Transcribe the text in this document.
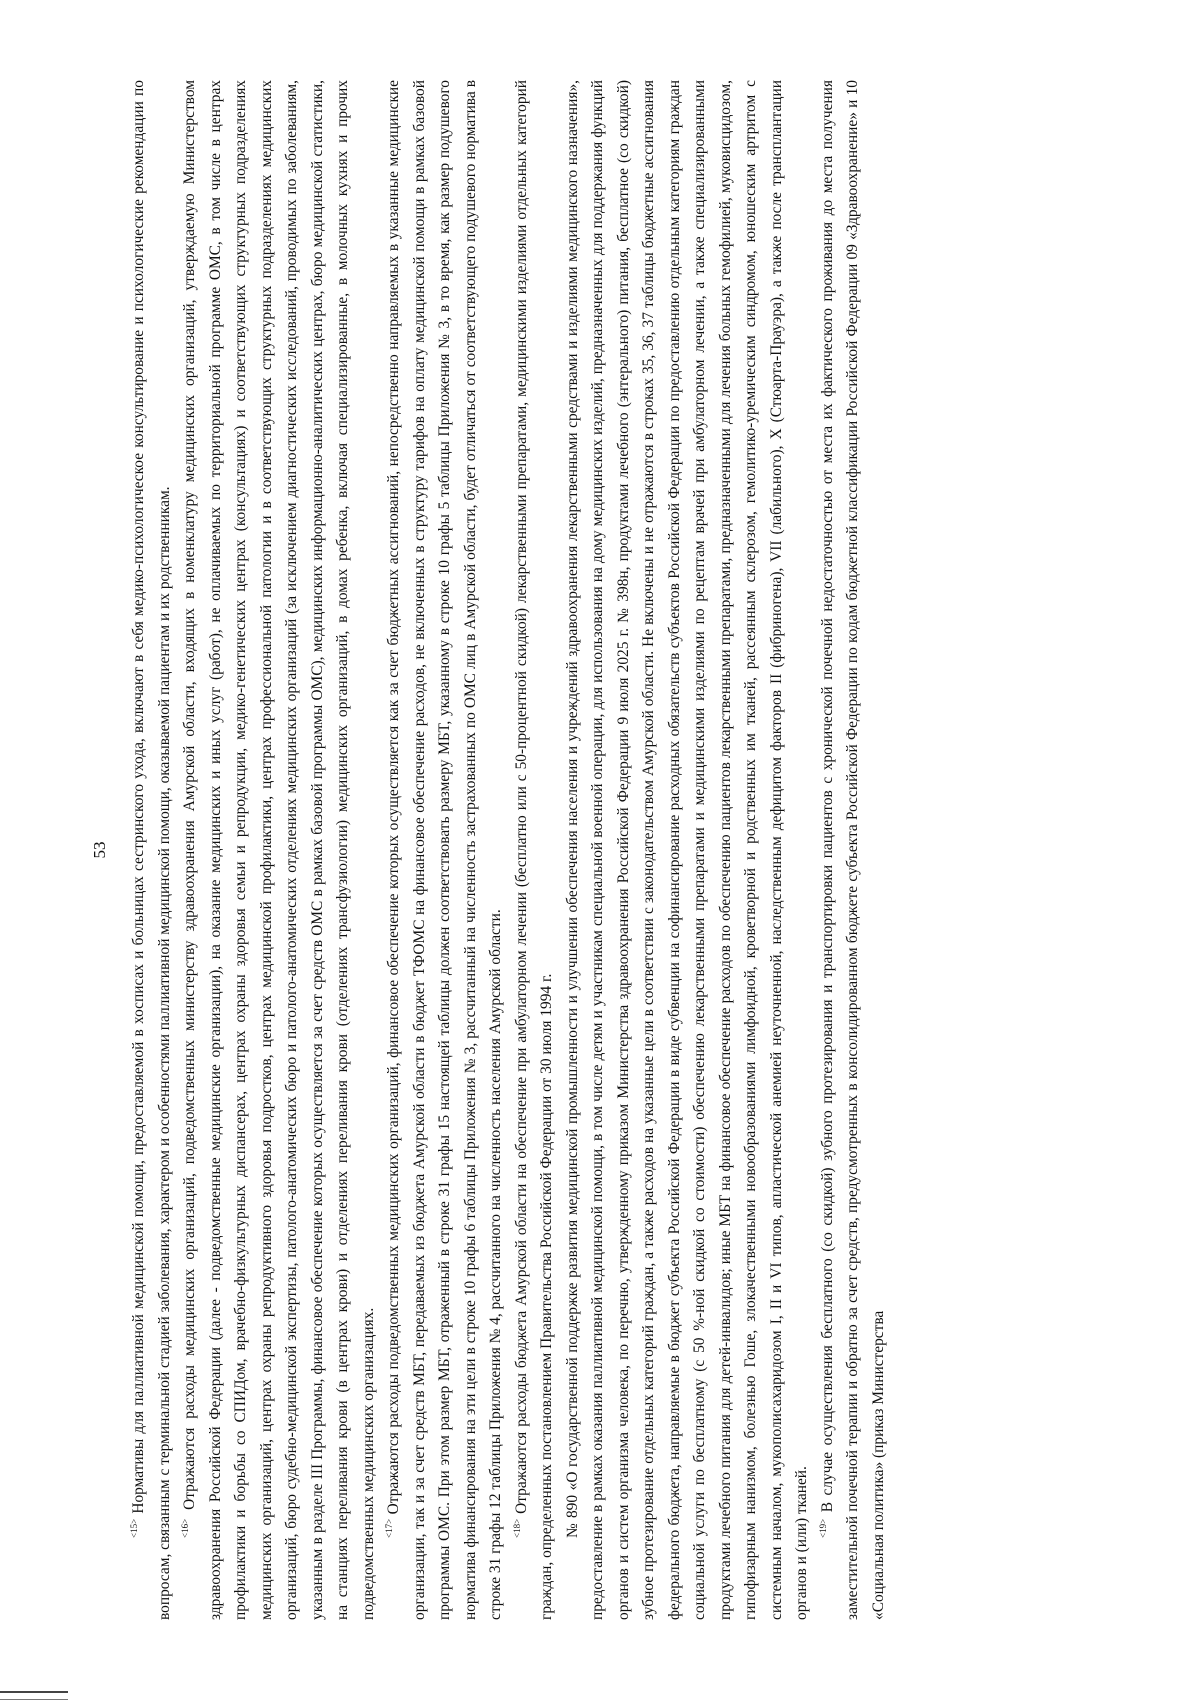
53

$^{<15>}$ Нормативы для паллиативной медицинской помощи, предоставляемой в хосписах и больницах сестринского ухода, включают в себя медико-психологическое консультирование и психологические рекомендации по вопросам, связанным с терминальной стадией заболевания, характером и особенностями паллиативной медицинской помощи, оказываемой пациентам и их родственникам. $^{<16>}$ Отражаются расходы медицинских организаций, подведомственных министерству здравоохранения Амурской области, входящих в номенклатуру медицинских организаций, утверждаемую Министерством здравоохранения Российской Федерации (далее - подведомственные медицинские организации), на оказание медицинских и иных услуг (работ), не оплачиваемых по территориальной программе ОМС, в том числе в центрах профилактики и борьбы со СПИДом, врачебно-физкультурных диспансерах, центрах охраны здоровья семьи и репродукции, медико-генетических центрах (консультациях) и соответствующих структурных подразделениях медицинских организаций, центрах охраны репродуктивного здоровья подростков, центрах медицинской профилактики, центрах профессиональной патологии и в соответствующих структурных подразделениях медицинских организаций, бюро судебно-медицинской экспертизы, патолого-анатомических бюро и патолого-анатомических отделениях медицинских организаций (за исключением диагностических исследований, проводимых по заболеваниям, указанным в разделе III Программы, финансовое обеспечение которых осуществляется за счет средств ОМС в рамках базовой программы ОМС), медицинских информационно-аналитических центрах, бюро медицинской статистики, на станциях переливания крови (в центрах крови) и отделениях переливания крови (отделениях трансфузиологии) медицинских организаций, в домах ребенка, включая специализированные, в молочных кухнях и прочих подведомственных медицинских организациях. $^{<17>}$ Отражаются расходы подведомственных медицинских организаций, финансовое обеспечение которых осуществляется как за счет бюджетных ассигнований, непосредственно направляемых в указанные медицинские организации, так и за счет средств МБТ, передаваемых из бюджета Амурской области в бюджет ТФОМС на финансовое обеспечение расходов, не включенных в структуру тарифов на оплату медицинской помощи в рамках базовой программы ОМС. При этом размер МБТ, отраженный в строке 31 графы 15 настоящей таблицы должен соответствовать размеру МБТ, указанному в строке 10 графы 5 таблицы Приложения № 3, в то время, как размер подушевого норматива финансирования на эти цели в строке 10 графы 6 таблицы Приложения № 3, рассчитанный на численность застрахованных по ОМС лиц в Амурской области, будет отличаться от соответствующего подушевого норматива в строке 31 графы 12 таблицы Приложения № 4, рассчитанного на численность населения Амурской области. $^{<18>}$ Отражаются расходы бюджета Амурской области на обеспечение при амбулаторном лечении (бесплатно или с 50-процентной скидкой) лекарственными препаратами, медицинскими изделиями отдельных категорий граждан, определенных постановлением Правительства Российской Федерации от 30 июля 1994 г. № 890 «О государственной поддержке развития медицинской промышленности и улучшении обеспечения населения и учреждений здравоохранения лекарственными средствами и изделиями медицинского назначения», предоставление в рамках оказания паллиативной медицинской помощи, в том числе детям и участникам специальной военной операции, для использования на дому медицинских изделий, предназначенных для поддержания функций органов и систем организма человека, по перечню, утвержденному приказом Министерства здравоохранения Российской Федерации 9 июля 2025 г. № 398н, продуктами лечебного (энтерального) питания, бесплатное (со скидкой) зубное протезирование отдельных категорий граждан, а также расходов на указанные цели в соответствии с законодательством Амурской области. Не включены и не отражаются в строках 35, 36, 37 таблицы бюджетные ассигнования федерального бюджета, направляемые в бюджет субъекта Российской Федерации в виде субвенции на софинансирование расходных обязательств субъектов Российской Федерации по предоставлению отдельным категориям граждан социальной услуги по бесплатному (с 50 %-ной скидкой со стоимости) обеспечению лекарственными препаратами и медицинскими изделиями по рецептам врачей при амбулаторном лечении, а также специализированными продуктами лечебного питания для детей-инвалидов; иные МБТ на финансовое обеспечение расходов по обеспечению пациентов лекарственными препаратами, предназначенными для лечения больных гемофилией, муковисцидозом, гипофизарным нанизмом, болезнью Гоше, злокачественными новообразованиями лимфоидной, кроветворной и родственных им тканей, рассеянным склерозом, гемолитико-уремическим синдромом, юношеским артритом с системным началом, мукополисахаридозом I, II и VI типов, апластической анемией неуточненной, наследственным дефицитом факторов II (фибриногена), VII (лабильного), X (Стюарта-Прауэра), а также после трансплантации органов и (или) тканей. $^{<19>}$ В случае осуществления бесплатного (со скидкой) зубного протезирования и транспортировки пациентов с хронической почечной недостаточностью от места их фактического проживания до места получения заместительной почечной терапии и обратно за счет средств, предусмотренных в консолидированном бюджете субъекта Российской Федерации по кодам бюджетной классификации Российской Федерации 09 «Здравоохранение» и 10 «Социальная политика» (приказ Министерства
